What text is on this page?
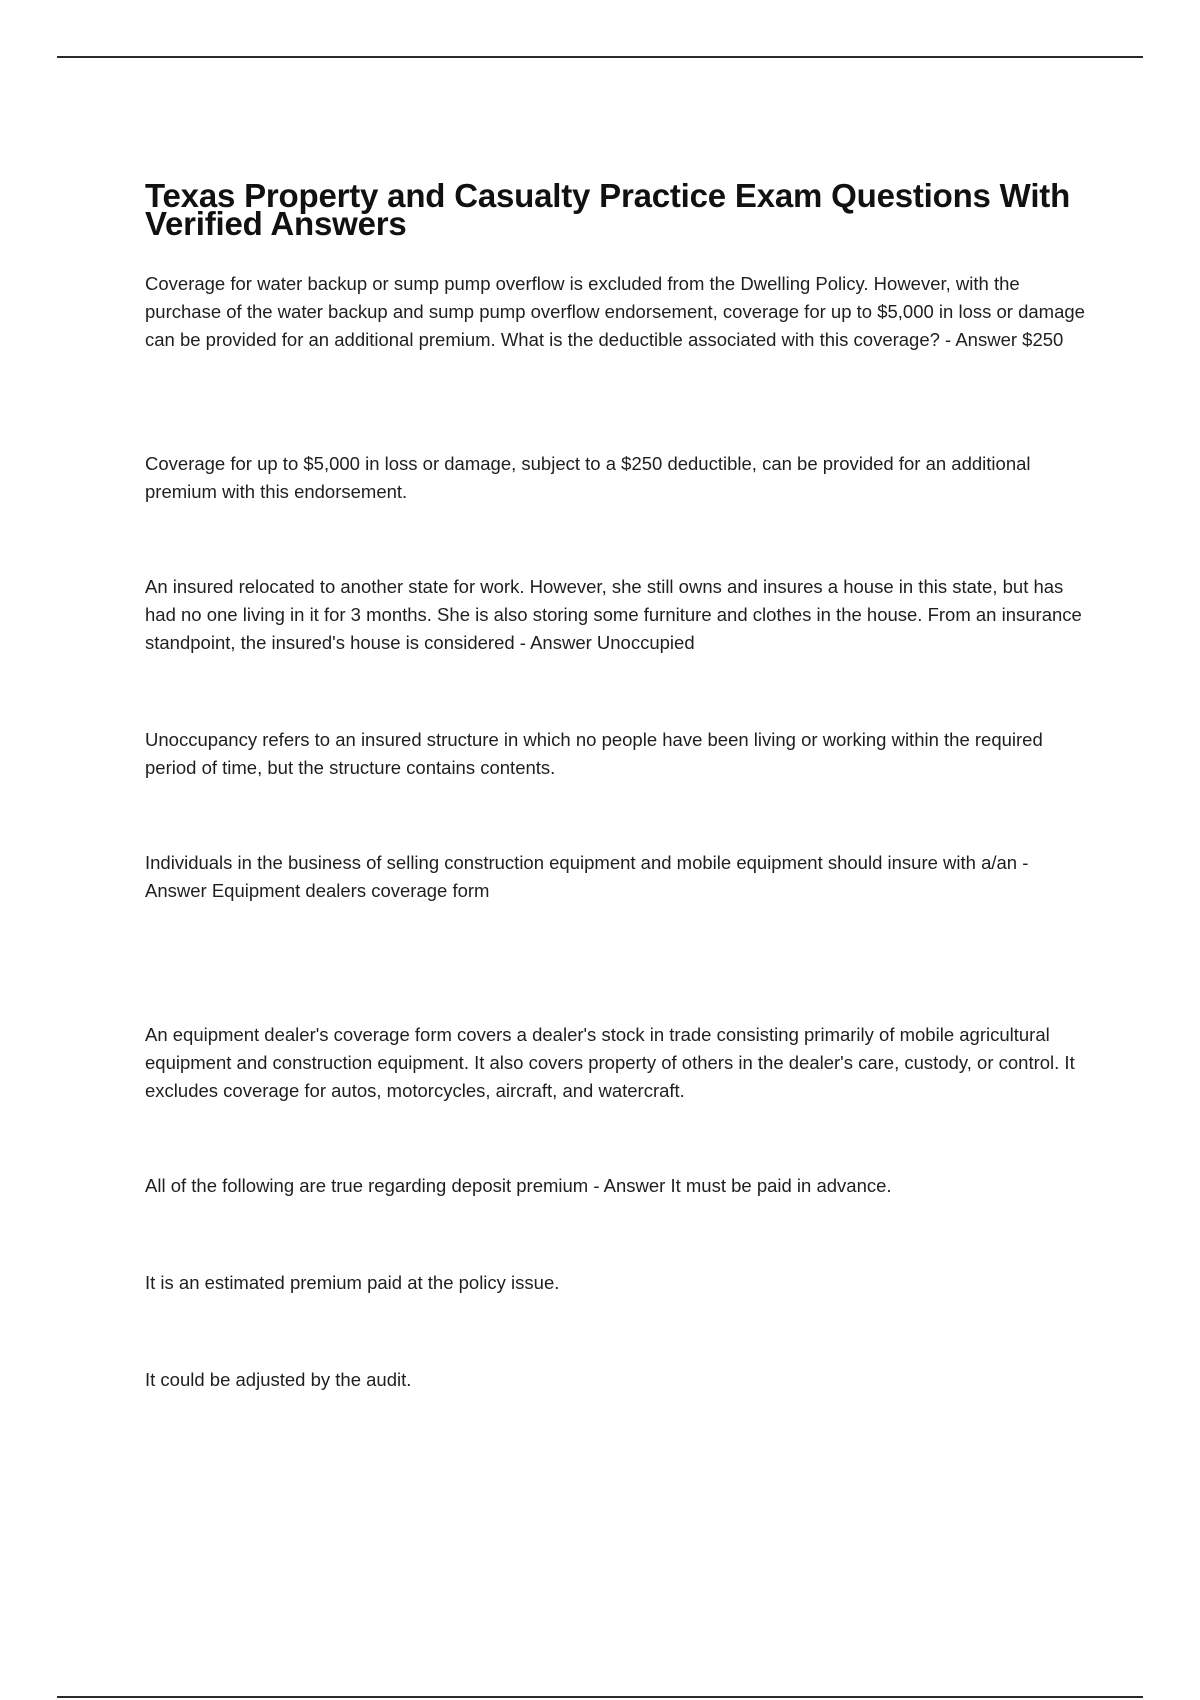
Texas Property and Casualty Practice Exam Questions With Verified Answers

Coverage for water backup or sump pump overflow is excluded from the Dwelling Policy. However, with the purchase of the water backup and sump pump overflow endorsement, coverage for up to $5,000 in loss or damage can be provided for an additional premium. What is the deductible associated with this coverage? - Answer $250

Coverage for up to $5,000 in loss or damage, subject to a $250 deductible, can be provided for an additional premium with this endorsement.

An insured relocated to another state for work. However, she still owns and insures a house in this state, but has had no one living in it for 3 months. She is also storing some furniture and clothes in the house. From an insurance standpoint, the insured's house is considered - Answer Unoccupied

Unoccupancy refers to an insured structure in which no people have been living or working within the required period of time, but the structure contains contents.

Individuals in the business of selling construction equipment and mobile equipment should insure with a/an - Answer Equipment dealers coverage form

An equipment dealer's coverage form covers a dealer's stock in trade consisting primarily of mobile agricultural equipment and construction equipment. It also covers property of others in the dealer's care, custody, or control. It excludes coverage for autos, motorcycles, aircraft, and watercraft.

All of the following are true regarding deposit premium - Answer It must be paid in advance.

It is an estimated premium paid at the policy issue.

It could be adjusted by the audit.
